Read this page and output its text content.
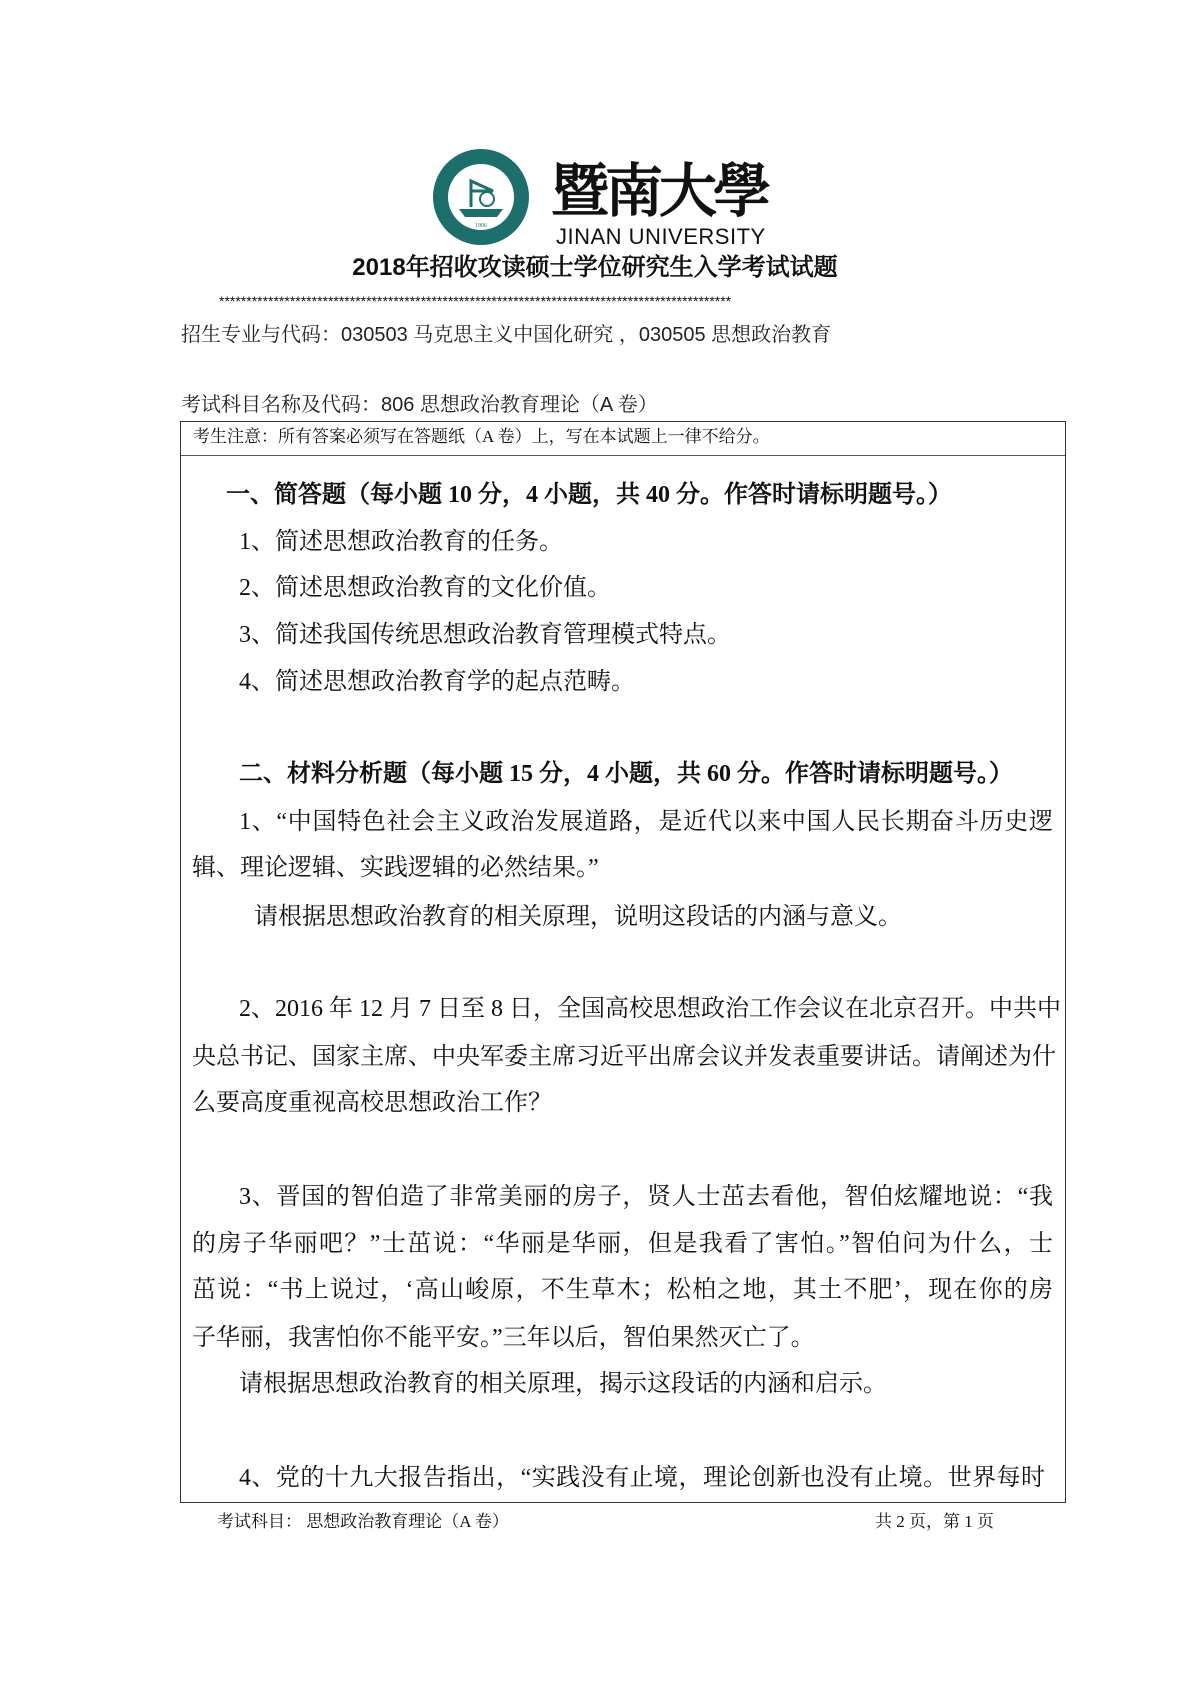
1906
暨南大學
JINAN UNIVERSITY
2018年招收攻读硕士学位研究生入学考试试题
**********************************************************************************************
招生专业与代码：030503 马克思主义中国化研究 ，030505 思想政治教育
考试科目名称及代码：806 思想政治教育理论（A 卷）
考生注意：所有答案必须写在答题纸（A 卷）上，写在本试题上一律不给分。
一、简答题（每小题 10 分，4 小题，共 40 分。作答时请标明题号。）
1、简述思想政治教育的任务。
2、简述思想政治教育的文化价值。
3、简述我国传统思想政治教育管理模式特点。
4、简述思想政治教育学的起点范畴。
二、材料分析题（每小题 15 分，4 小题，共 60 分。作答时请标明题号。）
1、“中国特色社会主义政治发展道路，是近代以来中国人民长期奋斗历史逻
辑、理论逻辑、实践逻辑的必然结果。”
请根据思想政治教育的相关原理，说明这段话的内涵与意义。
2、2016 年 12 月 7 日至 8 日，全国高校思想政治工作会议在北京召开。中共中
央总书记、国家主席、中央军委主席习近平出席会议并发表重要讲话。请阐述为什
么要高度重视高校思想政治工作？
3、晋国的智伯造了非常美丽的房子，贤人士茁去看他，智伯炫耀地说：“我
的房子华丽吧？”士茁说：“华丽是华丽，但是我看了害怕。”智伯问为什么，士
茁说：“书上说过，‘高山峻原，不生草木；松柏之地，其土不肥’，现在你的房
子华丽，我害怕你不能平安。”三年以后，智伯果然灭亡了。
请根据思想政治教育的相关原理，揭示这段话的内涵和启示。
4、党的十九大报告指出，“实践没有止境，理论创新也没有止境。世界每时
考试科目： 思想政治教育理论（A 卷）	共 2 页，第 1 页
